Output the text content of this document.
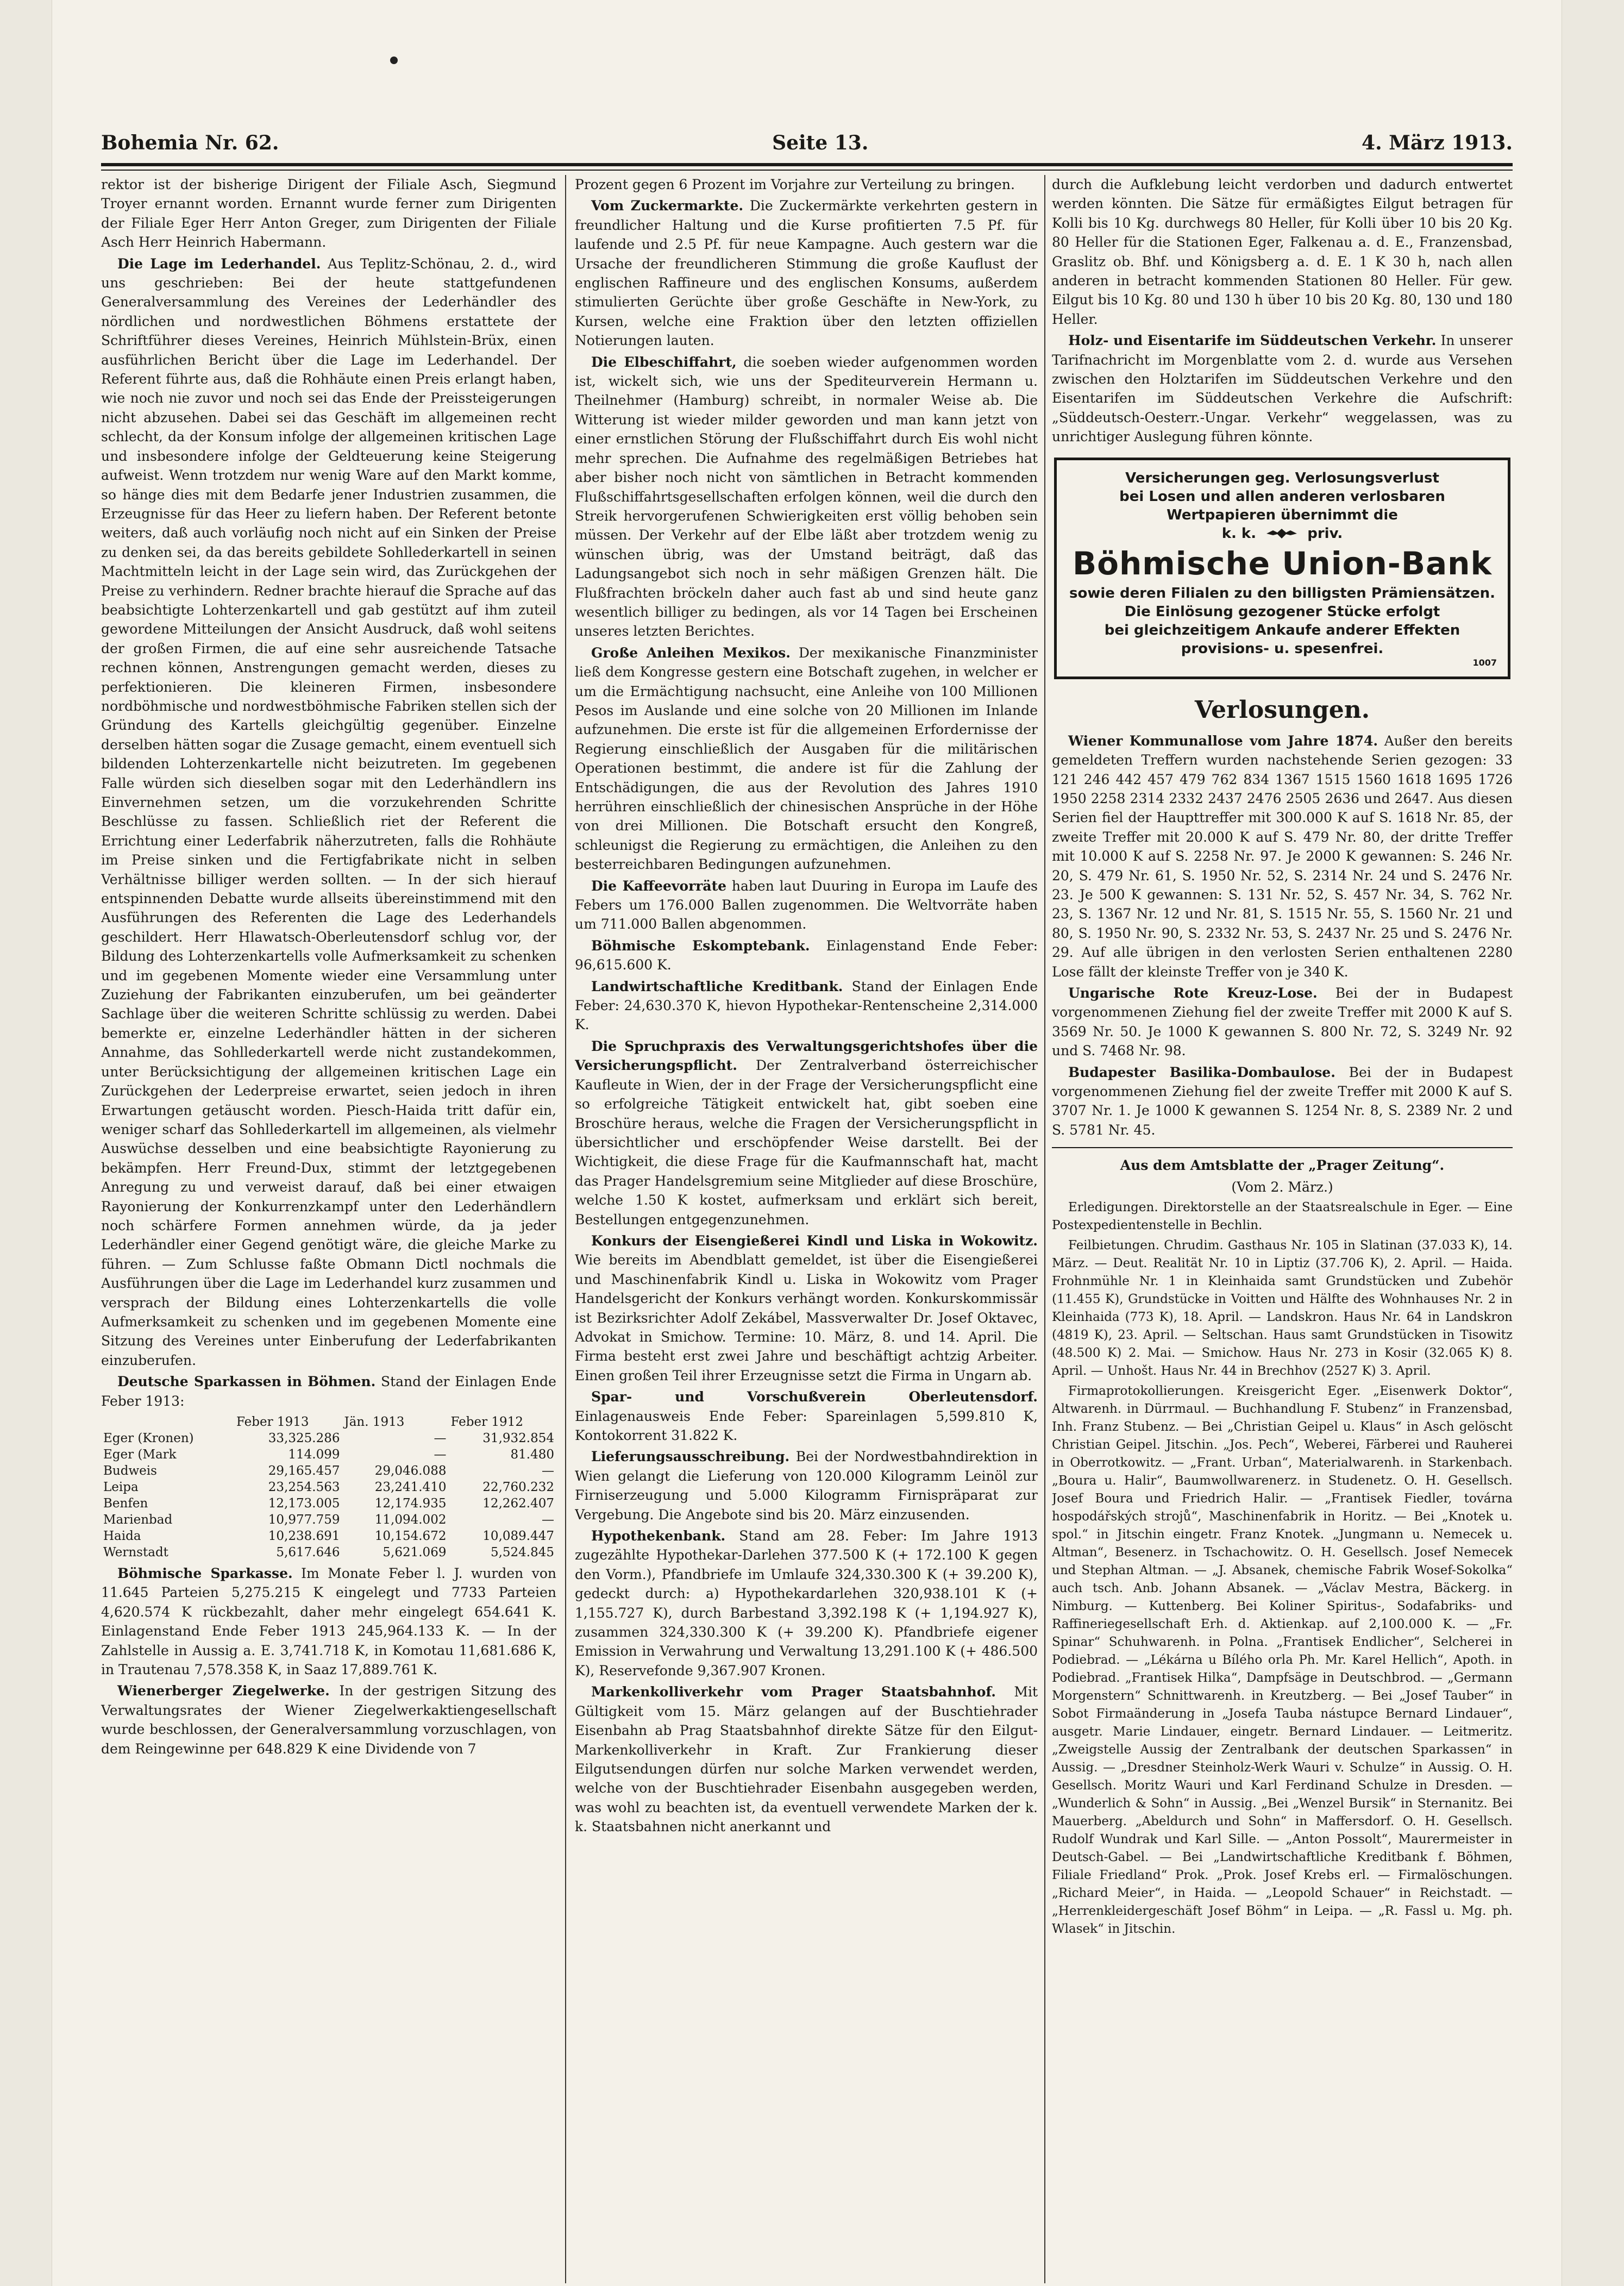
Bohemia Nr. 62.	Seite 13.	4. März 1913.

rektor ist der bisherige Dirigent der Filiale Asch, Siegmund Troyer ernannt worden. Ernannt wurde ferner zum Dirigenten der Filiale Eger Herr Anton Greger, zum Dirigenten der Filiale Asch Herr Heinrich Habermann.

Die Lage im Lederhandel. Aus Teplitz-Schönau, 2. d., wird uns geschrieben: Bei der heute stattgefundenen Generalversammlung des Vereines der Lederhändler des nördlichen und nordwestlichen Böhmens erstattete der Schriftführer dieses Vereines, Heinrich Mühlstein-Brüx, einen ausführlichen Bericht über die Lage im Lederhandel. Der Referent führte aus, daß die Rohhäute einen Preis erlangt haben, wie noch nie zuvor und noch sei das Ende der Preissteigerungen nicht abzusehen. Dabei sei das Geschäft im allgemeinen recht schlecht, da der Konsum infolge der allgemeinen kritischen Lage und insbesondere infolge der Geldteuerung keine Steigerung aufweist. Wenn trotzdem nur wenig Ware auf den Markt komme, so hänge dies mit dem Bedarfe jener Industrien zusammen, die Erzeugnisse für das Heer zu liefern haben. Der Referent betonte weiters, daß auch vorläufig noch nicht auf ein Sinken der Preise zu denken sei, da das bereits gebildete Sohllederkartell in seinen Machtmitteln leicht in der Lage sein wird, das Zurückgehen der Preise zu verhindern. Redner brachte hierauf die Sprache auf das beabsichtigte Lohterzenkartell und gab gestützt auf ihm zuteil gewordene Mitteilungen der Ansicht Ausdruck, daß wohl seitens der großen Firmen, die auf eine sehr ausreichende Tatsache rechnen können, Anstrengungen gemacht werden, dieses zu perfektionieren. Die kleineren Firmen, insbesondere nordböhmische und nordwestböhmische Fabriken stellen sich der Gründung des Kartells gleichgültig gegenüber. Einzelne derselben hätten sogar die Zusage gemacht, einem eventuell sich bildenden Lohterzenkartelle nicht beizutreten. Im gegebenen Falle würden sich dieselben sogar mit den Lederhändlern ins Einvernehmen setzen, um die vorzukehrenden Schritte Beschlüsse zu fassen. Schließlich riet der Referent die Errichtung einer Lederfabrik näherzutreten, falls die Rohhäute im Preise sinken und die Fertigfabrikate nicht in selben Verhältnisse billiger werden sollten. — In der sich hierauf entspinnenden Debatte wurde allseits übereinstimmend mit den Ausführungen des Referenten die Lage des Lederhandels geschildert. Herr Hlawatsch-Oberleutensdorf schlug vor, der Bildung des Lohterzenkartells volle Aufmerksamkeit zu schenken und im gegebenen Momente wieder eine Versammlung unter Zuziehung der Fabrikanten einzuberufen, um bei geänderter Sachlage über die weiteren Schritte schlüssig zu werden. Dabei bemerkte er, einzelne Lederhändler hätten in der sicheren Annahme, das Sohllederkartell werde nicht zustandekommen, unter Berücksichtigung der allgemeinen kritischen Lage ein Zurückgehen der Lederpreise erwartet, seien jedoch in ihren Erwartungen getäuscht worden. Piesch-Haida tritt dafür ein, weniger scharf das Sohllederkartell im allgemeinen, als vielmehr Auswüchse desselben und eine beabsichtigte Rayonierung zu bekämpfen. Herr Freund-Dux, stimmt der letztgegebenen Anregung zu und verweist darauf, daß bei einer etwaigen Rayonierung der Konkurrenzkampf unter den Lederhändlern noch schärfere Formen annehmen würde, da ja jeder Lederhändler einer Gegend genötigt wäre, die gleiche Marke zu führen. — Zum Schlusse faßte Obmann Dictl nochmals die Ausführungen über die Lage im Lederhandel kurz zusammen und versprach der Bildung eines Lohterzenkartells die volle Aufmerksamkeit zu schenken und im gegebenen Momente eine Sitzung des Vereines unter Einberufung der Lederfabrikanten einzuberufen.

Deutsche Sparkassen in Böhmen. Stand der Einlagen Ende Feber 1913:

	Feber 1913	Jän. 1913	Feber 1912
Eger (Kronen)	33,325.286	—	31,932.854
Eger (Mark	114.099	—	81.480
Budweis	29,165.457	29,046.088	—
Leipa	23,254.563	23,241.410	22,760.232
Benfen	12,173.005	12,174.935	12,262.407
Marienbad	10,977.759	11,094.002	—
Haida	10,238.691	10,154.672	10,089.447
Wernstadt	5,617.646	5,621.069	5,524.845

Böhmische Sparkasse. Im Monate Feber l. J. wurden von 11.645 Parteien 5,275.215 K eingelegt und 7733 Parteien 4,620.574 K rückbezahlt, daher mehr eingelegt 654.641 K. Einlagenstand Ende Feber 1913 245,964.133 K. — In der Zahlstelle in Aussig a. E. 3,741.718 K, in Komotau 11,681.686 K, in Trautenau 7,578.358 K, in Saaz 17,889.761 K.

Wienerberger Ziegelwerke. In der gestrigen Sitzung des Verwaltungsrates der Wiener Ziegelwerkaktiengesellschaft wurde beschlossen, der Generalversammlung vorzuschlagen, von dem Reingewinne per 648.829 K eine Dividende von 7

Prozent gegen 6 Prozent im Vorjahre zur Verteilung zu bringen.

Vom Zuckermarkte. Die Zuckermärkte verkehrten gestern in freundlicher Haltung und die Kurse profitierten 7.5 Pf. für laufende und 2.5 Pf. für neue Kampagne. Auch gestern war die Ursache der freundlicheren Stimmung die große Kauflust der englischen Raffineure und des englischen Konsums, außerdem stimulierten Gerüchte über große Geschäfte in New-York, zu Kursen, welche eine Fraktion über den letzten offiziellen Notierungen lauten.

Die Elbeschiffahrt, die soeben wieder aufgenommen worden ist, wickelt sich, wie uns der Spediteurverein Hermann u. Theilnehmer (Hamburg) schreibt, in normaler Weise ab. Die Witterung ist wieder milder geworden und man kann jetzt von einer ernstlichen Störung der Flußschiffahrt durch Eis wohl nicht mehr sprechen. Die Aufnahme des regelmäßigen Betriebes hat aber bisher noch nicht von sämtlichen in Betracht kommenden Flußschiffahrtsgesellschaften erfolgen können, weil die durch den Streik hervorgerufenen Schwierigkeiten erst völlig behoben sein müssen. Der Verkehr auf der Elbe läßt aber trotzdem wenig zu wünschen übrig, was der Umstand beiträgt, daß das Ladungsangebot sich noch in sehr mäßigen Grenzen hält. Die Flußfrachten bröckeln daher auch fast ab und sind heute ganz wesentlich billiger zu bedingen, als vor 14 Tagen bei Erscheinen unseres letzten Berichtes.

Große Anleihen Mexikos. Der mexikanische Finanzminister ließ dem Kongresse gestern eine Botschaft zugehen, in welcher er um die Ermächtigung nachsucht, eine Anleihe von 100 Millionen Pesos im Auslande und eine solche von 20 Millionen im Inlande aufzunehmen. Die erste ist für die allgemeinen Erfordernisse der Regierung einschließlich der Ausgaben für die militärischen Operationen bestimmt, die andere ist für die Zahlung der Entschädigungen, die aus der Revolution des Jahres 1910 herrühren einschließlich der chinesischen Ansprüche in der Höhe von drei Millionen. Die Botschaft ersucht den Kongreß, schleunigst die Regierung zu ermächtigen, die Anleihen zu den besterreichbaren Bedingungen aufzunehmen.

Die Kaffeevorräte haben laut Duuring in Europa im Laufe des Febers um 176.000 Ballen zugenommen. Die Weltvorräte haben um 711.000 Ballen abgenommen.

Böhmische Eskomptebank. Einlagenstand Ende Feber: 96,615.600 K.

Landwirtschaftliche Kreditbank. Stand der Einlagen Ende Feber: 24,630.370 K, hievon Hypothekar-Rentenscheine 2,314.000 K.

Die Spruchpraxis des Verwaltungsgerichtshofes über die Versicherungspflicht. Der Zentralverband österreichischer Kaufleute in Wien, der in der Frage der Versicherungspflicht eine so erfolgreiche Tätigkeit entwickelt hat, gibt soeben eine Broschüre heraus, welche die Fragen der Versicherungspflicht in übersichtlicher und erschöpfender Weise darstellt. Bei der Wichtigkeit, die diese Frage für die Kaufmannschaft hat, macht das Prager Handelsgremium seine Mitglieder auf diese Broschüre, welche 1.50 K kostet, aufmerksam und erklärt sich bereit, Bestellungen entgegenzunehmen.

Konkurs der Eisengießerei Kindl und Liska in Wokowitz. Wie bereits im Abendblatt gemeldet, ist über die Eisengießerei und Maschinenfabrik Kindl u. Liska in Wokowitz vom Prager Handelsgericht der Konkurs verhängt worden. Konkurskommissär ist Bezirksrichter Adolf Zekábel, Massverwalter Dr. Josef Oktavec, Advokat in Smichow. Termine: 10. März, 8. und 14. April. Die Firma besteht erst zwei Jahre und beschäftigt achtzig Arbeiter. Einen großen Teil ihrer Erzeugnisse setzt die Firma in Ungarn ab.

Spar- und Vorschußverein Oberleutensdorf. Einlagenausweis Ende Feber: Spareinlagen 5,599.810 K, Kontokorrent 31.822 K.

Lieferungsausschreibung. Bei der Nordwestbahndirektion in Wien gelangt die Lieferung von 120.000 Kilogramm Leinöl zur Firniserzeugung und 5.000 Kilogramm Firnispräparat zur Vergebung. Die Angebote sind bis 20. März einzusenden.

Hypothekenbank. Stand am 28. Feber: Im Jahre 1913 zugezählte Hypothekar-Darlehen 377.500 K (+ 172.100 K gegen den Vorm.), Pfandbriefe im Umlaufe 324,330.300 K (+ 39.200 K), gedeckt durch: a) Hypothekardarlehen 320,938.101 K (+ 1,155.727 K), durch Barbestand 3,392.198 K (+ 1,194.927 K), zusammen 324,330.300 K (+ 39.200 K). Pfandbriefe eigener Emission in Verwahrung und Verwaltung 13,291.100 K (+ 486.500 K), Reservefonde 9,367.907 Kronen.

Markenkolliverkehr vom Prager Staatsbahnhof. Mit Gültigkeit vom 15. März gelangen auf der Buschtiehrader Eisenbahn ab Prag Staatsbahnhof direkte Sätze für den Eilgut-Markenkolliverkehr in Kraft. Zur Frankierung dieser Eilgutsendungen dürfen nur solche Marken verwendet werden, welche von der Buschtiehrader Eisenbahn ausgegeben werden, was wohl zu beachten ist, da eventuell verwendete Marken der k. k. Staatsbahnen nicht anerkannt und

durch die Aufklebung leicht verdorben und dadurch entwertet werden könnten. Die Sätze für ermäßigtes Eilgut betragen für Kolli bis 10 Kg. durchwegs 80 Heller, für Kolli über 10 bis 20 Kg. 80 Heller für die Stationen Eger, Falkenau a. d. E., Franzensbad, Graslitz ob. Bhf. und Königsberg a. d. E. 1 K 30 h, nach allen anderen in betracht kommenden Stationen 80 Heller. Für gew. Eilgut bis 10 Kg. 80 und 130 h über 10 bis 20 Kg. 80, 130 und 180 Heller.

Holz- und Eisentarife im Süddeutschen Verkehr. In unserer Tarifnachricht im Morgenblatte vom 2. d. wurde aus Versehen zwischen den Holztarifen im Süddeutschen Verkehre und den Eisentarifen im Süddeutschen Verkehre die Aufschrift: „Süddeutsch-Oesterr.-Ungar. Verkehr“ weggelassen, was zu unrichtiger Auslegung führen könnte.

Versicherungen geg. Verlosungsverlust
bei Losen und allen anderen verlosbaren Wertpapieren übernimmt die
k. k.	priv.
Böhmische Union-Bank
sowie deren Filialen zu den billigsten Prämiensätzen.
Die Einlösung gezogener Stücke erfolgt
bei gleichzeitigem Ankaufe anderer Effekten
provisions- u. spesenfrei.
1007
Verlosungen.

Wiener Kommunallose vom Jahre 1874. Außer den bereits gemeldeten Treffern wurden nachstehende Serien gezogen: 33 121 246 442 457 479 762 834 1367 1515 1560 1618 1695 1726 1950 2258 2314 2332 2437 2476 2505 2636 und 2647. Aus diesen Serien fiel der Haupttreffer mit 300.000 K auf S. 1618 Nr. 85, der zweite Treffer mit 20.000 K auf S. 479 Nr. 80, der dritte Treffer mit 10.000 K auf S. 2258 Nr. 97. Je 2000 K gewannen: S. 246 Nr. 20, S. 479 Nr. 61, S. 1950 Nr. 52, S. 2314 Nr. 24 und S. 2476 Nr. 23. Je 500 K gewannen: S. 131 Nr. 52, S. 457 Nr. 34, S. 762 Nr. 23, S. 1367 Nr. 12 und Nr. 81, S. 1515 Nr. 55, S. 1560 Nr. 21 und 80, S. 1950 Nr. 90, S. 2332 Nr. 53, S. 2437 Nr. 25 und S. 2476 Nr. 29. Auf alle übrigen in den verlosten Serien enthaltenen 2280 Lose fällt der kleinste Treffer von je 340 K.

Ungarische Rote Kreuz-Lose. Bei der in Budapest vorgenommenen Ziehung fiel der zweite Treffer mit 2000 K auf S. 3569 Nr. 50. Je 1000 K gewannen S. 800 Nr. 72, S. 3249 Nr. 92 und S. 7468 Nr. 98.

Budapester Basilika-Dombaulose. Bei der in Budapest vorgenommenen Ziehung fiel der zweite Treffer mit 2000 K auf S. 3707 Nr. 1. Je 1000 K gewannen S. 1254 Nr. 8, S. 2389 Nr. 2 und S. 5781 Nr. 45.

Aus dem Amtsblatte der „Prager Zeitung“.

(Vom 2. März.)

Erledigungen. Direktorstelle an der Staatsrealschule in Eger. — Eine Postexpedientenstelle in Bechlin.

Feilbietungen. Chrudim. Gasthaus Nr. 105 in Slatinan (37.033 K), 14. März. — Deut. Realität Nr. 10 in Liptiz (37.706 K), 2. April. — Haida. Frohnmühle Nr. 1 in Kleinhaida samt Grundstücken und Zubehör (11.455 K), Grundstücke in Voitten und Hälfte des Wohnhauses Nr. 2 in Kleinhaida (773 K), 18. April. — Landskron. Haus Nr. 64 in Landskron (4819 K), 23. April. — Seltschan. Haus samt Grundstücken in Tisowitz (48.500 K) 2. Mai. — Smichow. Haus Nr. 273 in Kosir (32.065 K) 8. April. — Unhošt. Haus Nr. 44 in Brechhov (2527 K) 3. April.

Firmaprotokollierungen. Kreisgericht Eger. „Eisenwerk Doktor“, Altwarenh. in Dürrmaul. — Buchhandlung F. Stubenz“ in Franzensbad, Inh. Franz Stubenz. — Bei „Christian Geipel u. Klaus“ in Asch gelöscht Christian Geipel. Jitschin. „Jos. Pech“, Weberei, Färberei und Rauherei in Oberrotkowitz. — „Frant. Urban“, Materialwarenh. in Starkenbach. „Boura u. Halir“, Baumwollwarenerz. in Studenetz. O. H. Gesellsch. Josef Boura und Friedrich Halir. — „Frantisek Fiedler, továrna hospodářských strojů“, Maschinenfabrik in Horitz. — Bei „Knotek u. spol.“ in Jitschin eingetr. Franz Knotek. „Jungmann u. Nemecek u. Altman“, Besenerz. in Tschachowitz. O. H. Gesellsch. Josef Nemecek und Stephan Altman. — „J. Absanek, chemische Fabrik Wosef-Sokolka“ auch tsch. Anb. Johann Absanek. — „Václav Mestra, Bäckerg. in Nimburg. — Kuttenberg. Bei Koliner Spiritus-, Sodafabriks- und Raffineriegesellschaft Erh. d. Aktienkap. auf 2,100.000 K. — „Fr. Spinar“ Schuhwarenh. in Polna. „Frantisek Endlicher“, Selcherei in Podiebrad. — „Lékárna u Bílého orla Ph. Mr. Karel Hellich“, Apoth. in Podiebrad. „Frantisek Hilka“, Dampfsäge in Deutschbrod. — „Germann Morgenstern“ Schnittwarenh. in Kreutzberg. — Bei „Josef Tauber“ in Sobot Firmaänderung in „Josefa Tauba nástupce Bernard Lindauer“, ausgetr. Marie Lindauer, eingetr. Bernard Lindauer. — Leitmeritz. „Zweigstelle Aussig der Zentralbank der deutschen Sparkassen“ in Aussig. — „Dresdner Steinholz-Werk Wauri v. Schulze“ in Aussig. O. H. Gesellsch. Moritz Wauri und Karl Ferdinand Schulze in Dresden. — „Wunderlich & Sohn“ in Aussig. „Bei „Wenzel Bursik“ in Sternanitz. Bei Mauerberg. „Abeldurch und Sohn“ in Maffersdorf. O. H. Gesellsch. Rudolf Wundrak und Karl Sille. — „Anton Possolt“, Maurermeister in Deutsch-Gabel. — Bei „Landwirtschaftliche Kreditbank f. Böhmen, Filiale Friedland“ Prok. „Prok. Josef Krebs erl. — Firmalöschungen. „Richard Meier“, in Haida. — „Leopold Schauer“ in Reichstadt. — „Herrenkleidergeschäft Josef Böhm“ in Leipa. — „R. Fassl u. Mg. ph. Wlasek“ in Jitschin.
